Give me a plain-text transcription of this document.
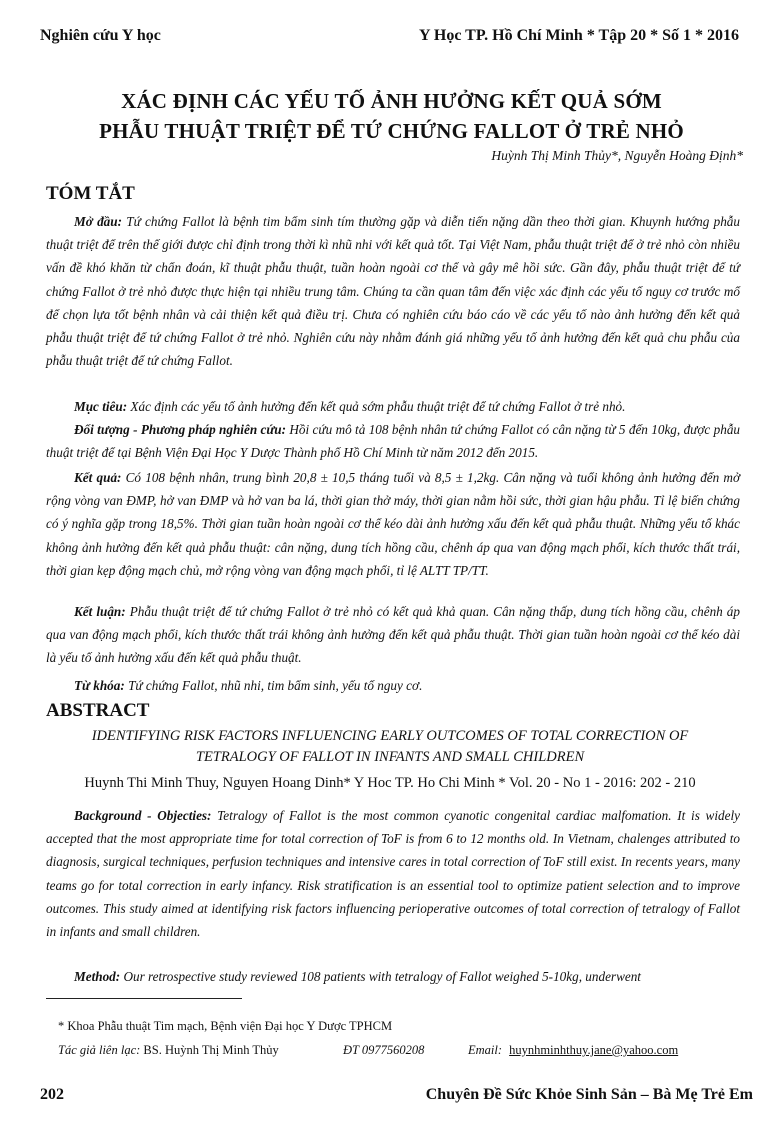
Nghiên cứu Y học	Y Học TP. Hồ Chí Minh * Tập 20 * Số 1 * 2016
XÁC ĐỊNH CÁC YẾU TỐ ẢNH HƯỞNG KẾT QUẢ SỚM
PHẪU THUẬT TRIỆT ĐỂ TỨ CHỨNG FALLOT Ở TRẺ NHỎ
Huỳnh Thị Minh Thủy*, Nguyễn Hoàng Định*
TÓM TẮT
Mở đầu: Tứ chứng Fallot là bệnh tim bẩm sinh tím thường gặp và diễn tiến nặng dần theo thời gian. Khuynh hướng phẫu thuật triệt để trên thế giới được chỉ định trong thời kì nhũ nhi với kết quả tốt. Tại Việt Nam, phẫu thuật triệt để ở trẻ nhỏ còn nhiều vấn đề khó khăn từ chẩn đoán, kĩ thuật phẫu thuật, tuần hoàn ngoài cơ thể và gây mê hồi sức. Gần đây, phẫu thuật triệt để tứ chứng Fallot ở trẻ nhỏ được thực hiện tại nhiều trung tâm. Chúng ta cần quan tâm đến việc xác định các yếu tố nguy cơ trước mổ để chọn lựa tốt bệnh nhân và cải thiện kết quả điều trị. Chưa có nghiên cứu báo cáo về các yếu tố nào ảnh hưởng đến kết quả phẫu thuật triệt để tứ chứng Fallot ở trẻ nhỏ. Nghiên cứu này nhằm đánh giá những yếu tố ảnh hưởng đến kết quả chu phẫu của phẫu thuật triệt để tứ chứng Fallot.
Mục tiêu: Xác định các yếu tố ảnh hưởng đến kết quả sớm phẫu thuật triệt để tứ chứng Fallot ở trẻ nhỏ.
Đối tượng - Phương pháp nghiên cứu: Hồi cứu mô tả 108 bệnh nhân tứ chứng Fallot có cân nặng từ 5 đến 10kg, được phẫu thuật triệt để tại Bệnh Viện Đại Học Y Dược Thành phố Hồ Chí Minh từ năm 2012 đến 2015.
Kết quả: Có 108 bệnh nhân, trung bình 20,8 ± 10,5 tháng tuổi và 8,5 ± 1,2kg. Cân nặng và tuổi không ảnh hưởng đến mở rộng vòng van ĐMP, hở van ĐMP và hở van ba lá, thời gian thở máy, thời gian nằm hồi sức, thời gian hậu phẫu. Tỉ lệ biến chứng có ý nghĩa gặp trong 18,5%. Thời gian tuần hoàn ngoài cơ thể kéo dài ảnh hưởng xấu đến kết quả phẫu thuật. Những yếu tố khác không ảnh hưởng đến kết quả phẫu thuật: cân nặng, dung tích hồng cầu, chênh áp qua van động mạch phổi, kích thước thất trái, thời gian kẹp động mạch chủ, mở rộng vòng van động mạch phổi, tỉ lệ ALTT TP/TT.
Kết luận: Phẫu thuật triệt để tứ chứng Fallot ở trẻ nhỏ có kết quả khả quan. Cân nặng thấp, dung tích hồng cầu, chênh áp qua van động mạch phổi, kích thước thất trái không ảnh hưởng đến kết quả phẫu thuật. Thời gian tuần hoàn ngoài cơ thể kéo dài là yếu tố ảnh hưởng xấu đến kết quả phẫu thuật.
Từ khóa: Tứ chứng Fallot, nhũ nhi, tim bẩm sinh, yếu tố nguy cơ.
ABSTRACT
IDENTIFYING RISK FACTORS INFLUENCING EARLY OUTCOMES OF TOTAL CORRECTION OF
TETRALOGY OF FALLOT IN INFANTS AND SMALL CHILDREN
Huynh Thi Minh Thuy, Nguyen Hoang Dinh* Y Hoc TP. Ho Chi Minh * Vol. 20 - No 1 - 2016: 202 - 210
Background - Objecties: Tetralogy of Fallot is the most common cyanotic congenital cardiac malfomation. It is widely accepted that the most appropriate time for total correction of ToF is from 6 to 12 months old. In Vietnam, chalenges attributed to diagnosis, surgical techniques, perfusion techniques and intensive cares in total correction of ToF still exist. In recents years, many teams go for total correction in early infancy. Risk stratification is an essential tool to optimize patient selection and to improve outcomes. This study aimed at identifying risk factors influencing perioperative outcomes of total correction of tetralogy of Fallot in infants and small children.
Method: Our retrospective study reviewed 108 patients with tetralogy of Fallot weighed 5-10kg, underwent
* Khoa Phẫu thuật Tim mạch, Bệnh viện Đại học Y Dược TPHCM
Tác giả liên lạc: BS. Huỳnh Thị Minh Thủy	ĐT 0977560208	Email: huynhminhthuy.jane@yahoo.com
202	Chuyên Đề Sức Khỏe Sinh Sản – Bà Mẹ Trẻ Em
